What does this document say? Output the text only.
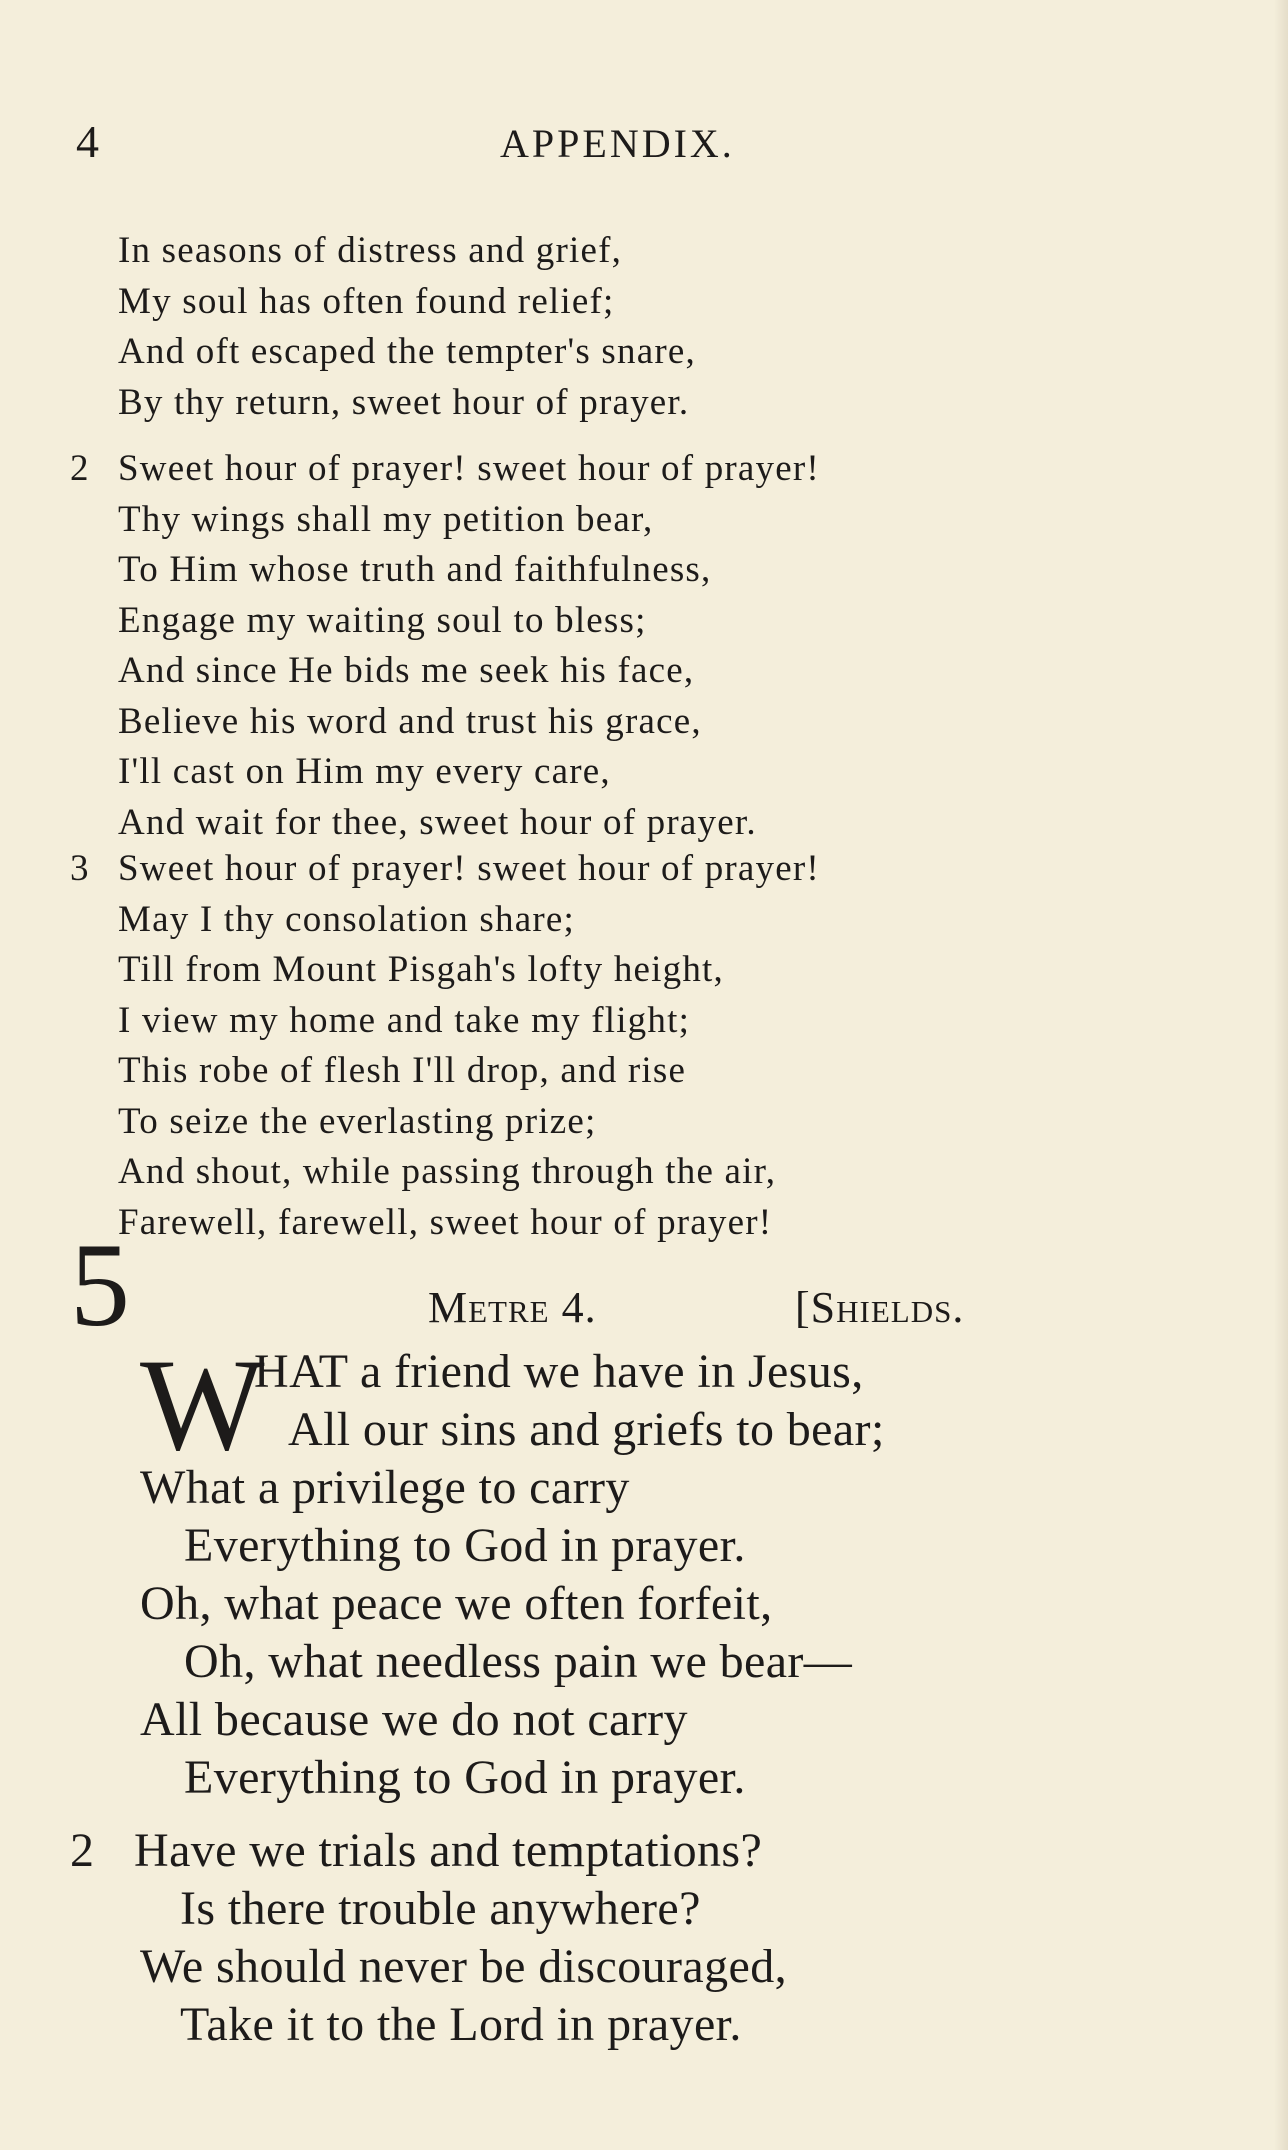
4	APPENDIX.
In seasons of distress and grief,
My soul has often found relief;
And oft escaped the tempter's snare,
By thy return, sweet hour of prayer.
2 Sweet hour of prayer! sweet hour of prayer!
Thy wings shall my petition bear,
To Him whose truth and faithfulness,
Engage my waiting soul to bless;
And since He bids me seek his face,
Believe his word and trust his grace,
I'll cast on Him my every care,
And wait for thee, sweet hour of prayer.
3 Sweet hour of prayer! sweet hour of prayer!
May I thy consolation share;
Till from Mount Pisgah's lofty height,
I view my home and take my flight;
This robe of flesh I'll drop, and rise
To seize the everlasting prize;
And shout, while passing through the air,
Farewell, farewell, sweet hour of prayer!
5	Metre 4.	[Shields.
W
HAT a friend we have in Jesus,
All our sins and griefs to bear;
What a privilege to carry
Everything to God in prayer.
Oh, what peace we often forfeit,
Oh, what needless pain we bear—
All because we do not carry
Everything to God in prayer.
2 Have we trials and temptations?
Is there trouble anywhere?
We should never be discouraged,
Take it to the Lord in prayer.
